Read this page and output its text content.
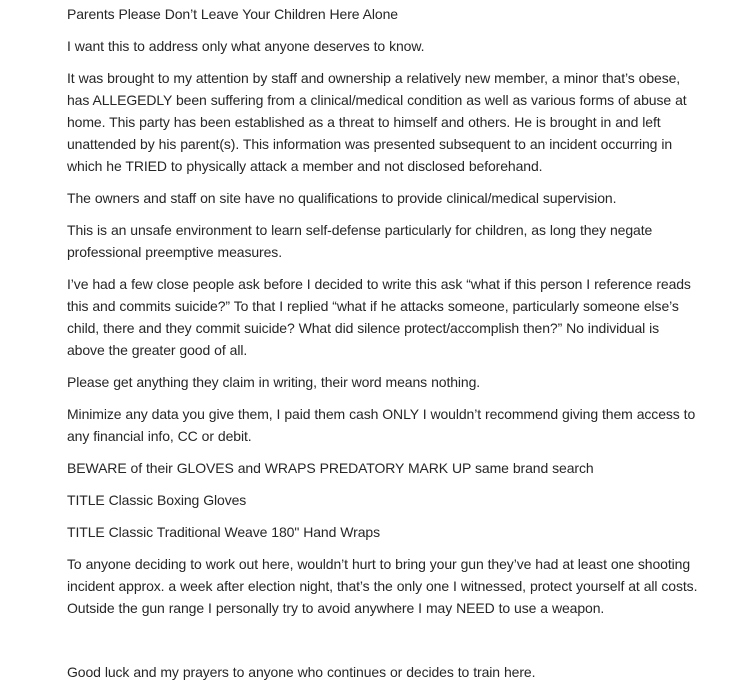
Parents Please Don’t Leave Your Children Here Alone

I want this to address only what anyone deserves to know.

It was brought to my attention by staff and ownership a relatively new member, a minor that’s obese, has ALLEGEDLY been suffering from a clinical/medical condition as well as various forms of abuse at home. This party has been established as a threat to himself and others. He is brought in and left unattended by his parent(s). This information was presented subsequent to an incident occurring in which he TRIED to physically attack a member and not disclosed beforehand.

The owners and staff on site have no qualifications to provide clinical/medical supervision.

This is an unsafe environment to learn self-defense particularly for children, as long they negate professional preemptive measures.

I’ve had a few close people ask before I decided to write this ask “what if this person I reference reads this and commits suicide?” To that I replied “what if he attacks someone, particularly someone else’s child, there and they commit suicide? What did silence protect/accomplish then?” No individual is above the greater good of all.

Please get anything they claim in writing, their word means nothing.

Minimize any data you give them, I paid them cash ONLY I wouldn’t recommend giving them access to any financial info, CC or debit.

BEWARE of their GLOVES and WRAPS PREDATORY MARK UP same brand search

TITLE Classic Boxing Gloves

TITLE Classic Traditional Weave 180" Hand Wraps

To anyone deciding to work out here, wouldn’t hurt to bring your gun they’ve had at least one shooting incident approx. a week after election night, that’s the only one I witnessed, protect yourself at all costs. Outside the gun range I personally try to avoid anywhere I may NEED to use a weapon.

Good luck and my prayers to anyone who continues or decides to train here.
